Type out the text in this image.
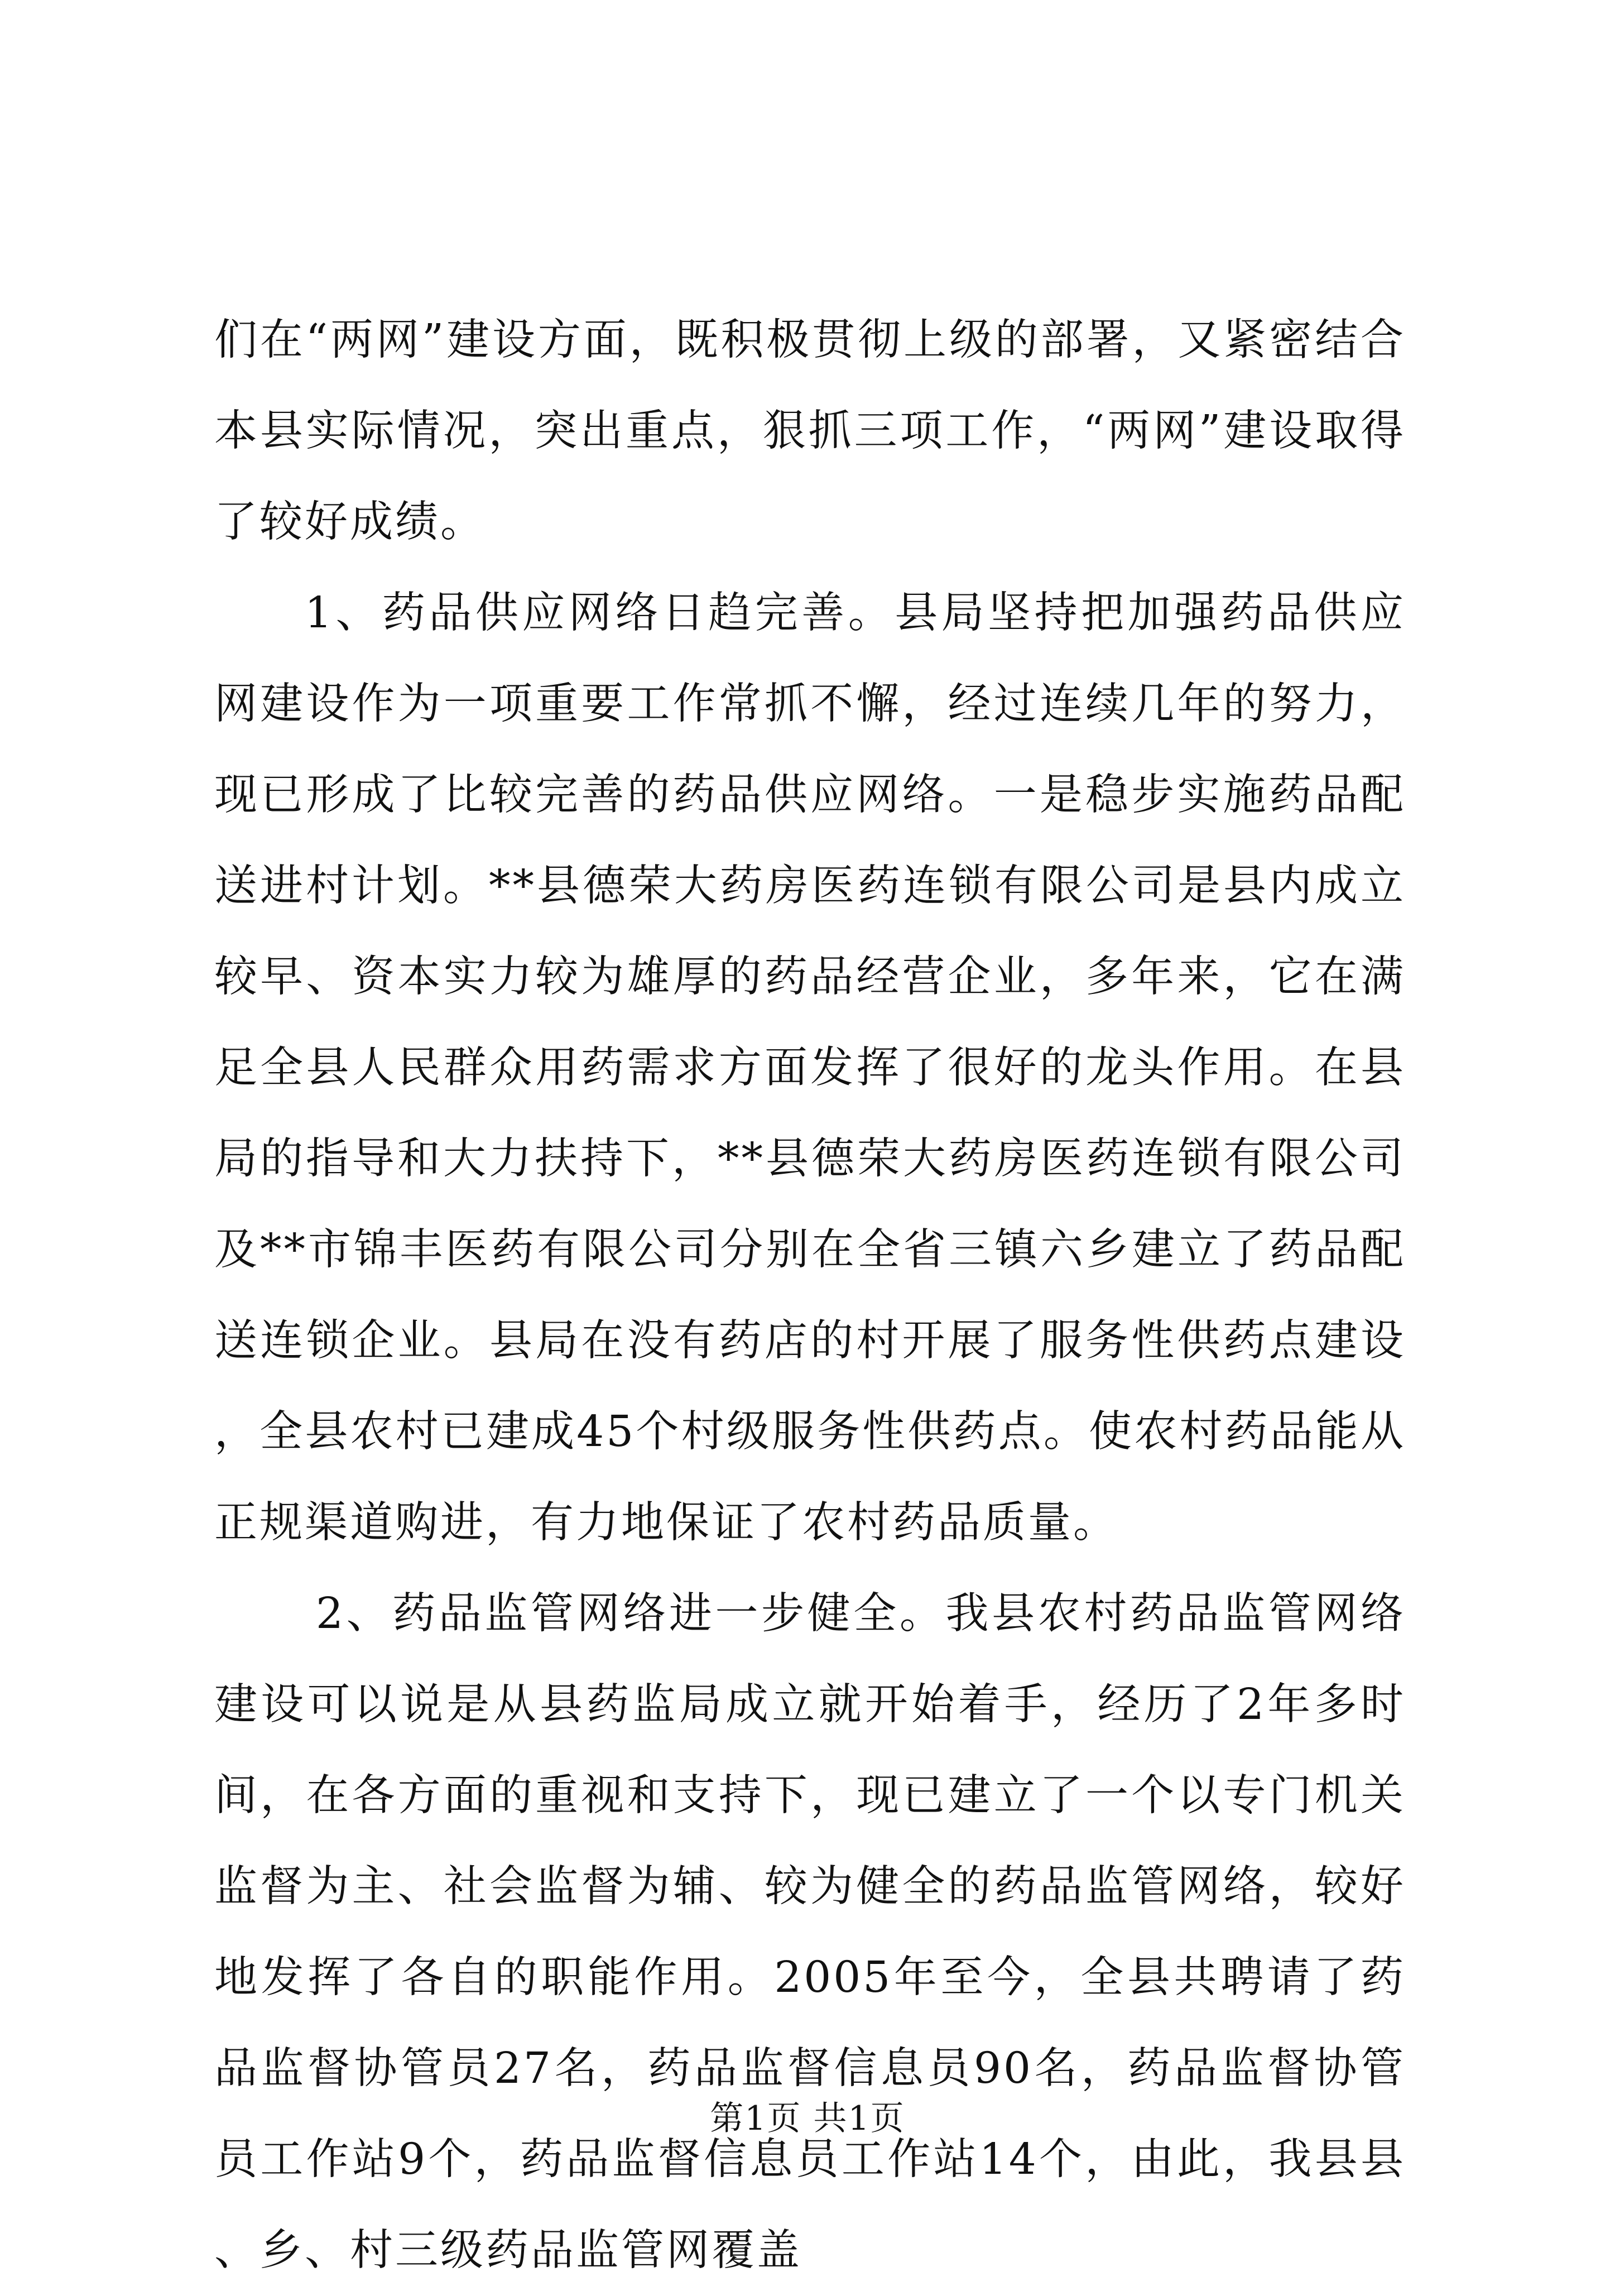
们在“两网”建设方面，既积极贯彻上级的部署，又紧密结合本县实际情况，突出重点，狠抓三项工作，“两网”建设取得了较好成绩。

1、药品供应网络日趋完善。县局坚持把加强药品供应网建设作为一项重要工作常抓不懈，经过连续几年的努力，现已形成了比较完善的药品供应网络。一是稳步实施药品配送进村计划。**县德荣大药房医药连锁有限公司是县内成立较早、资本实力较为雄厚的药品经营企业，多年来，它在满足全县人民群众用药需求方面发挥了很好的龙头作用。在县局的指导和大力扶持下，**县德荣大药房医药连锁有限公司及**市锦丰医药有限公司分别在全省三镇六乡建立了药品配送连锁企业。县局在没有药店的村开展了服务性供药点建设，全县农村已建成45个村级服务性供药点。使农村药品能从正规渠道购进，有力地保证了农村药品质量。

2、药品监管网络进一步健全。我县农村药品监管网络建设可以说是从县药监局成立就开始着手，经历了2年多时间，在各方面的重视和支持下，现已建立了一个以专门机关监督为主、社会监督为辅、较为健全的药品监管网络，较好地发挥了各自的职能作用。2005年至今，全县共聘请了药品监督协管员27名，药品监督信息员90名，药品监督协管员工作站9个，药品监督信息员工作站14个，由此，我县县、乡、村三级药品监管网覆盖

第1页 共1页
